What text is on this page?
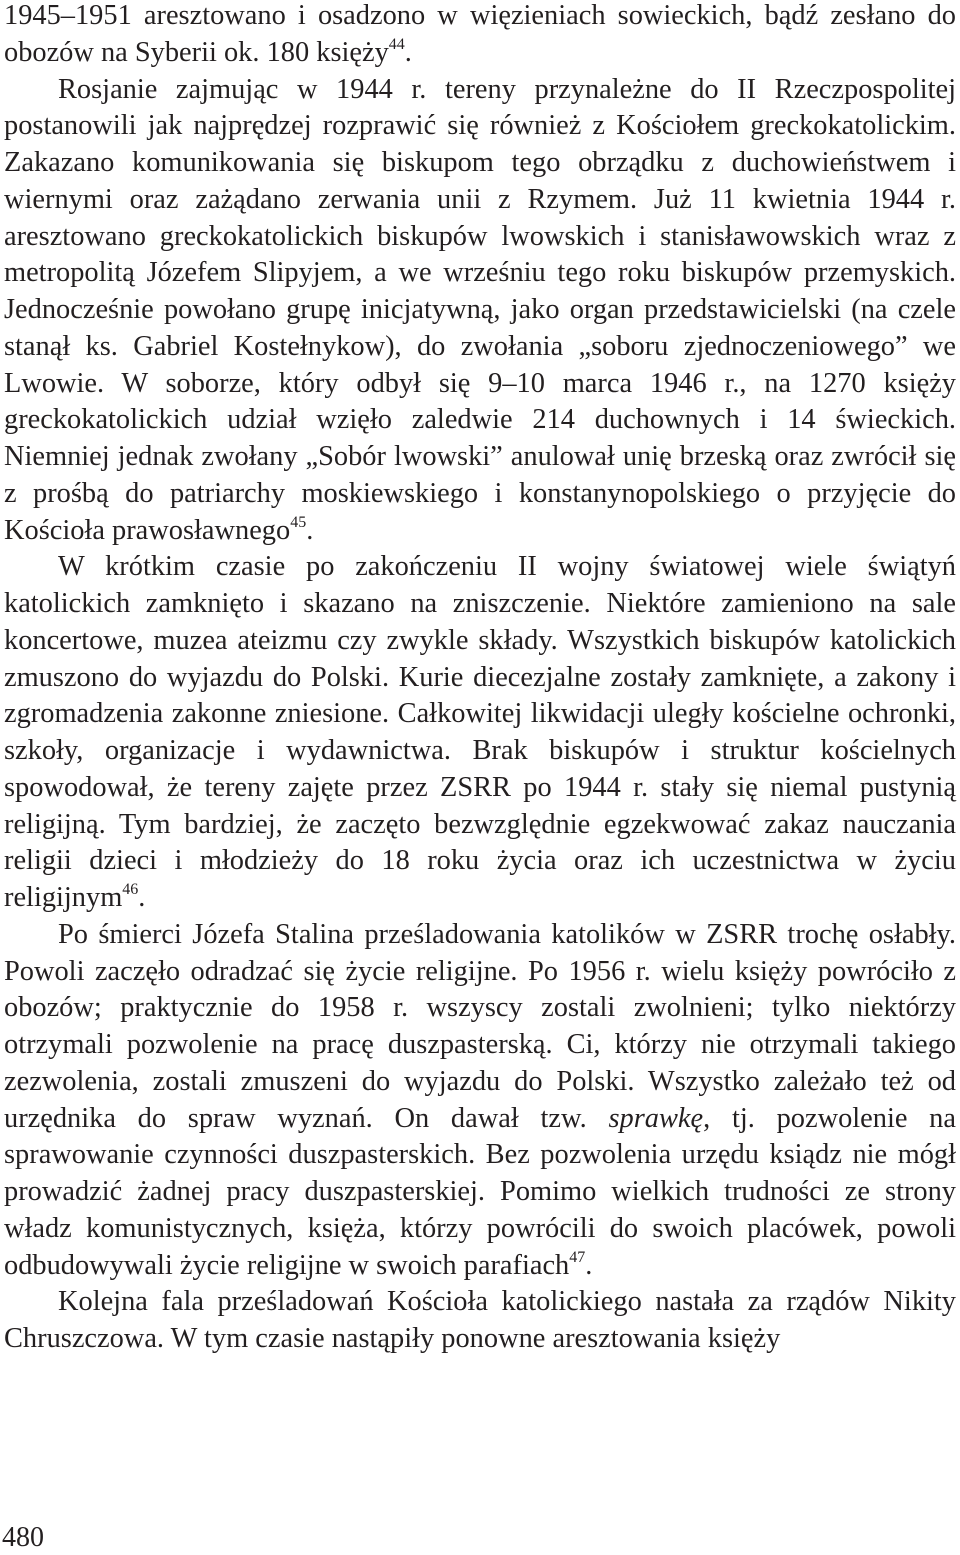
1945–1951 aresztowano i osadzono w więzieniach sowieckich, bądź zesłano do obozów na Syberii ok. 180 księży$^{44}$.

Rosjanie zajmując w 1944 r. tereny przynależne do II Rzeczpospolitej postanowili jak najprędzej rozprawić się również z Kościołem greckokatolickim. Zakazano komunikowania się biskupom tego obrządku z duchowieństwem i wiernymi oraz zażądano zerwania unii z Rzymem. Już 11 kwietnia 1944 r. aresztowano greckokatolickich biskupów lwowskich i stanisławowskich wraz z metropolitą Józefem Slipyjem, a we wrześniu tego roku biskupów przemyskich. Jednocześnie powołano grupę inicjatywną, jako organ przedstawicielski (na czele stanął ks. Gabriel Kostełnykow), do zwołania „soboru zjednoczeniowego” we Lwowie. W soborze, który odbył się 9–10 marca 1946 r., na 1270 księży greckokatolickich udział wzięło zaledwie 214 duchownych i 14 świeckich. Niemniej jednak zwołany „Sobór lwowski” anulował unię brzeską oraz zwrócił się z prośbą do patriarchy moskiewskiego i konstanynopolskiego o przyjęcie do Kościoła prawosławnego$^{45}$.

W krótkim czasie po zakończeniu II wojny światowej wiele świątyń katolickich zamknięto i skazano na zniszczenie. Niektóre zamieniono na sale koncertowe, muzea ateizmu czy zwykle składy. Wszystkich biskupów katolickich zmuszono do wyjazdu do Polski. Kurie diecezjalne zostały zamknięte, a zakony i zgromadzenia zakonne zniesione. Całkowitej likwidacji uległy kościelne ochronki, szkoły, organizacje i wydawnictwa. Brak biskupów i struktur kościelnych spowodował, że tereny zajęte przez ZSRR po 1944 r. stały się niemal pustynią religijną. Tym bardziej, że zaczęto bezwzględnie egzekwować zakaz nauczania religii dzieci i młodzieży do 18 roku życia oraz ich uczestnictwa w życiu religijnym$^{46}$.

Po śmierci Józefa Stalina prześladowania katolików w ZSRR trochę osłabły. Powoli zaczęło odradzać się życie religijne. Po 1956 r. wielu księży powróciło z obozów; praktycznie do 1958 r. wszyscy zostali zwolnieni; tylko niektórzy otrzymali pozwolenie na pracę duszpasterską. Ci, którzy nie otrzymali takiego zezwolenia, zostali zmuszeni do wyjazdu do Polski. Wszystko zależało też od urzędnika do spraw wyznań. On dawał tzw. sprawkę, tj. pozwolenie na sprawowanie czynności duszpasterskich. Bez pozwolenia urzędu ksiądz nie mógł prowadzić żadnej pracy duszpasterskiej. Pomimo wielkich trudności ze strony władz komunistycznych, księża, którzy powrócili do swoich placówek, powoli odbudowywali życie religijne w swoich parafiach$^{47}$.

Kolejna fala prześladowań Kościoła katolickiego nastała za rządów Nikity Chruszczowa. W tym czasie nastąpiły ponowne aresztowania księży

480
